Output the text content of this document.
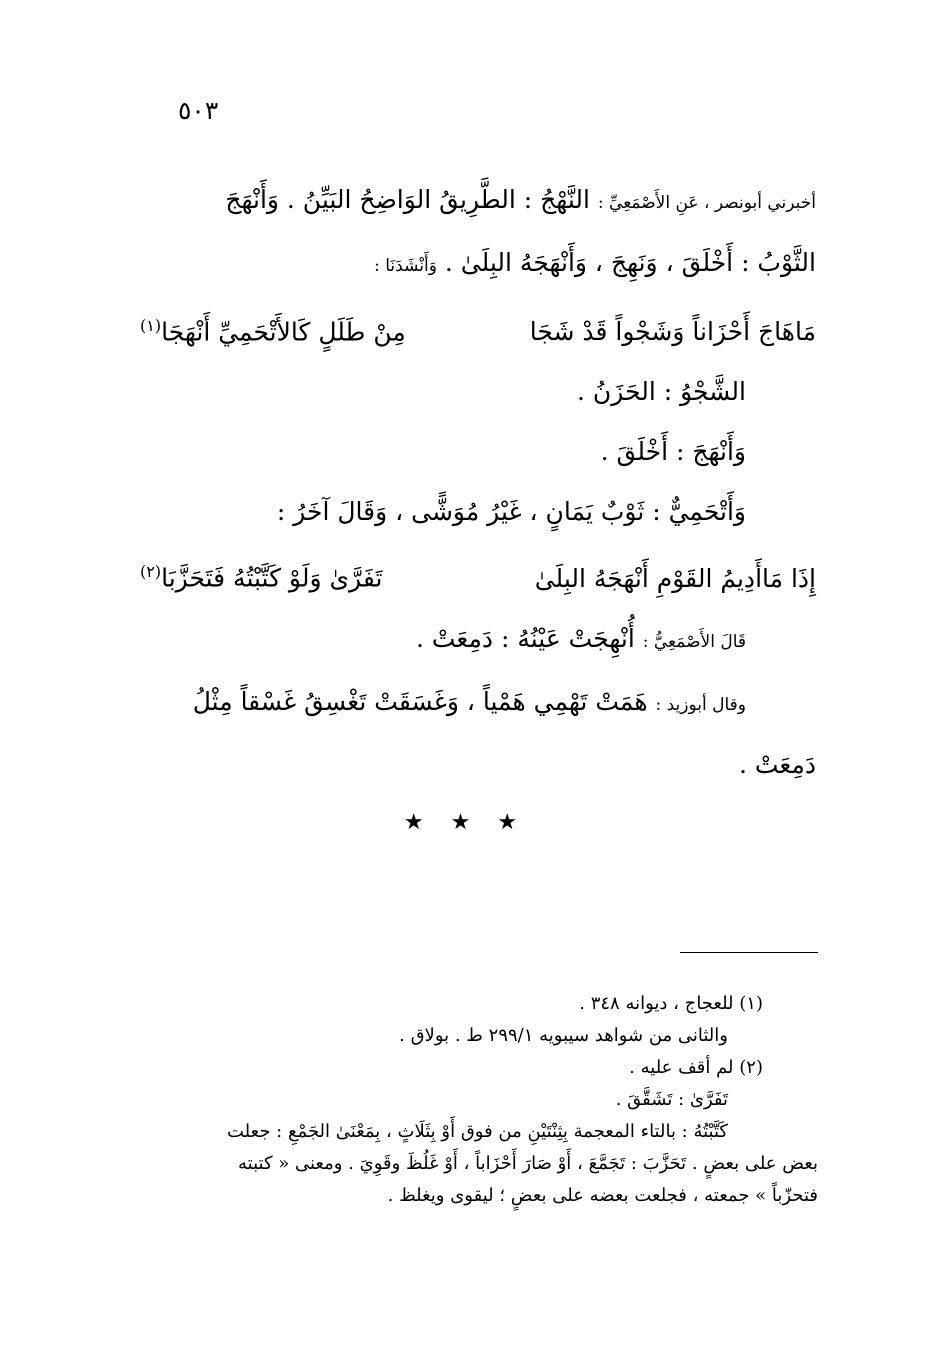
٥٠٣
أخبرني أبونصر ، عَنِ الأَصْمَعِيِّ : النَّهْجُ : الطَّرِيقُ الوَاضِحُ البَيِّنُ . وَأَنْهَجَ
الثَّوْبُ : أَخْلَقَ ، وَنَهِجَ ، وَأَنْهَجَهُ البِلَىٰ . وَأَنْشَدَنَا :
مَاهَاجَ أَحْزَاناً وَشَجْواً قَدْ شَجَا
مِنْ طَلَلٍ كَالأَتْحَمِيِّ أَنْهَجَا$^{(١)}$
الشَّجْوُ : الحَزَنُ .
وَأَنْهَجَ : أَخْلَقَ .
وَأَتْحَمِيٌّ : ثَوْبٌ يَمَانٍ ، غَيْرُ مُوَشًّى ، وَقَالَ آخَرُ :
إِذَا مَاأَدِيمُ القَوْمِ أَنْهَجَهُ البِلَىٰ
تَفَرَّىٰ وَلَوْ كَتَّبْتُهُ فَتَحَزَّبَا$^{(٢)}$
قَالَ الأَصْمَعِيُّ : أُنْهِجَتْ عَيْنُهُ : دَمِعَتْ .
وقال أبوزيد : هَمَتْ تَهْمِي هَمْياً ، وَغَسَقَتْ تَغْسِقُ غَسْقاً مِثْلُ
دَمِعَتْ .
★ ★ ★
(١) للعجاج ، ديوانه ٣٤٨ .
والثانى من شواهد سيبويه ٢٩٩/١ ط . بولاق .
(٢) لم أقف عليه .
تَفَرَّىٰ : تَشَقَّقَ .
كَتَّبْتُهُ : بالتاء المعجمة بِثِنْتَيْنِ من فوق أَوْ بِثَلَاثٍ ، بِمَعْنَىٰ الجَمْعِ : جعلت
بعض على بعضٍ . تَحَزَّبَ : تَجَمَّعَ ، أَوْ صَارَ أَحْزَاباً ، أَوْ غَلُظَ وقَوِيَ . ومعنى « كتبته
فتحزّباً » جمعته ، فجلعت بعضه على بعضٍ ؛ ليقوى ويغلظ .
